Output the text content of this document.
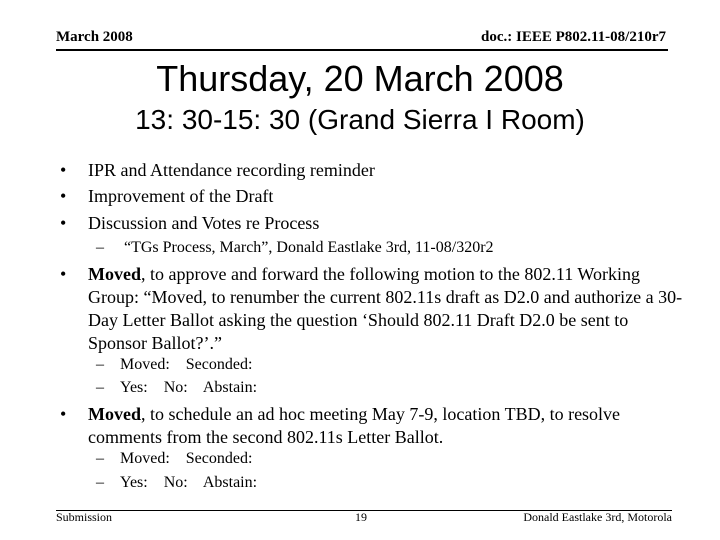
March 2008	doc.: IEEE P802.11-08/210r7
Thursday, 20 March 2008
13: 30-15: 30 (Grand Sierra I Room)
• IPR and Attendance recording reminder
• Improvement of the Draft
• Discussion and Votes re Process
– “TGs Process, March”, Donald Eastlake 3rd, 11-08/320r2
• Moved, to approve and forward the following motion to the 802.11 Working Group: “Moved, to renumber the current 802.11s draft as D2.0 and authorize a 30-Day Letter Ballot asking the question ‘Should 802.11 Draft D2.0 be sent to Sponsor Ballot?’.”
– Moved:    Seconded:
– Yes:    No:    Abstain:
• Moved, to schedule an ad hoc meeting May 7-9, location TBD, to resolve comments from the second 802.11s Letter Ballot.
– Moved:    Seconded:
– Yes:    No:    Abstain:
Submission	19	Donald Eastlake 3rd, Motorola
